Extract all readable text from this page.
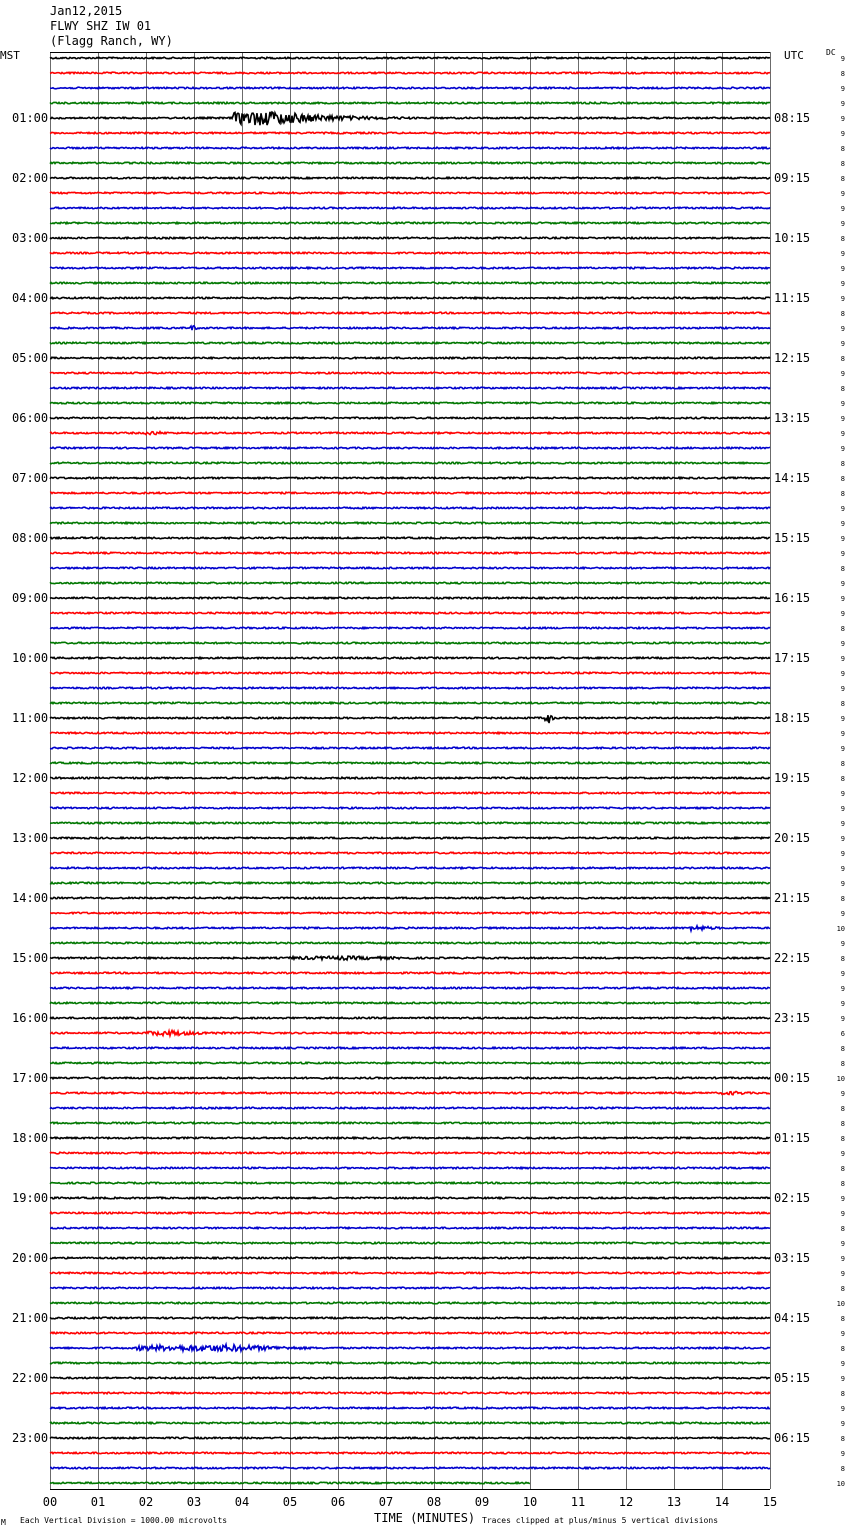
Jan12,2015
FLWY SHZ IW 01
(Flagg Ranch, WY)
MST	UTC	DC
01:00
02:00
03:00
04:00
05:00
06:00
07:00
08:00
09:00
10:00
11:00
12:00
13:00
14:00
15:00
16:00
17:00
18:00
19:00
20:00
21:00
22:00
23:00
08:15
09:15
10:15
11:15
12:15
13:15
14:15
15:15
16:15
17:15
18:15
19:15
20:15
21:15
22:15
23:15
00:15
01:15
02:15
03:15
04:15
05:15
06:15
9
8
9
9
9
9
8
8
8
9
9
9
8
9
9
9
9
8
9
9
8
9
8
9
9
9
9
8
8
8
9
9
9
9
8
9
9
9
8
9
9
9
9
8
9
9
9
8
8
9
9
9
9
9
9
9
8
9
10
9
8
9
9
9
9
6
8
8
10
9
8
8
8
9
8
8
9
9
8
9
9
9
8
10
8
9
8
9
9
8
9
9
8
9
8
10
00	01	02	03	04	05	06	07	08	09	10	11	12	13	14	15
M Each Vertical Division = 1000.00 microvolts	TIME (MINUTES) Traces clipped at plus/minus 5 vertical divisions
